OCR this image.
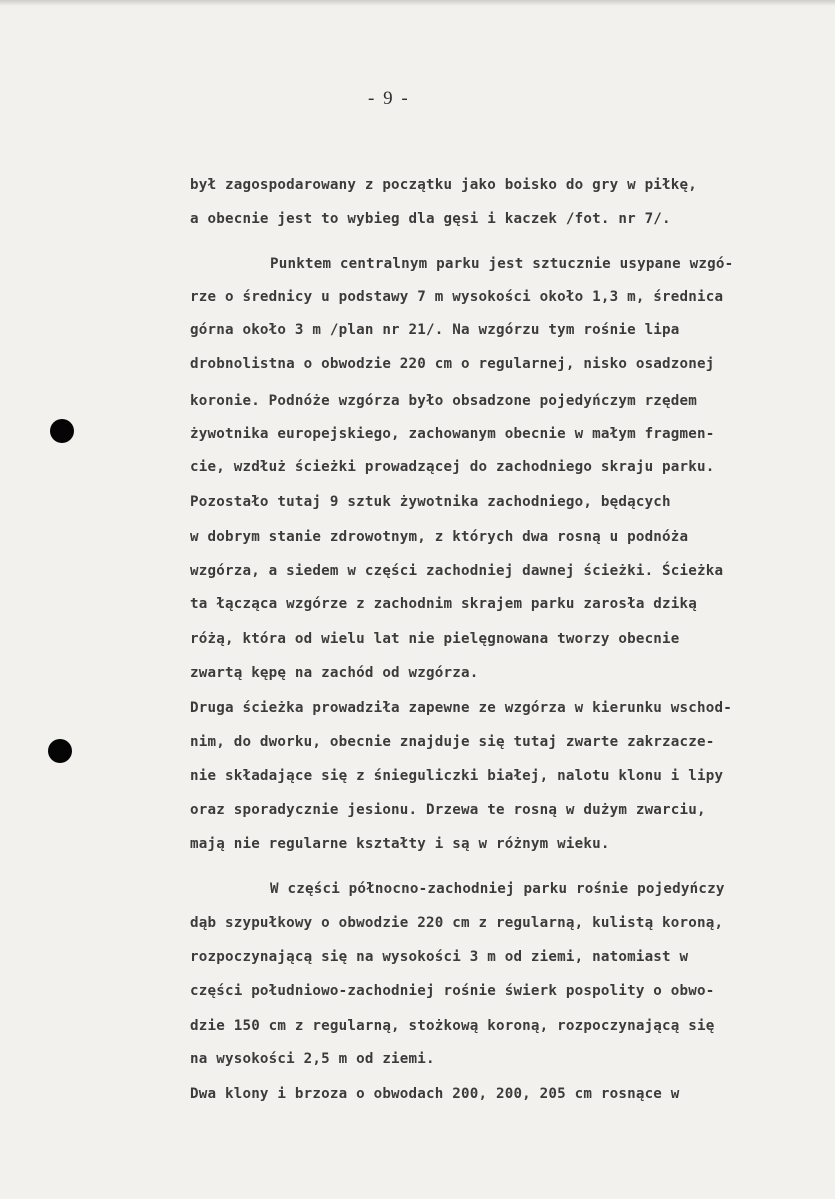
- 9 -
był zagospodarowany z początku jako boisko do gry w piłkę,
a obecnie jest to wybieg dla gęsi i kaczek /fot. nr 7/.
Punktem centralnym parku jest sztucznie usypane wzgó-
rze o średnicy u podstawy 7 m wysokości około 1,3 m, średnica
górna około 3 m /plan nr 21/. Na wzgórzu tym rośnie lipa
drobnolistna o obwodzie 220 cm o regularnej, nisko osadzonej
koronie. Podnóże wzgórza było obsadzone pojedyńczym rzędem
żywotnika europejskiego, zachowanym obecnie w małym fragmen-
cie, wzdłuż ścieżki prowadzącej do zachodniego skraju parku.
Pozostało tutaj 9 sztuk żywotnika zachodniego, będących
w dobrym stanie zdrowotnym, z których dwa rosną u podnóża
wzgórza, a siedem w części zachodniej dawnej ścieżki. Ścieżka
ta łącząca wzgórze z zachodnim skrajem parku zarosła dziką
różą, która od wielu lat nie pielęgnowana tworzy obecnie
zwartą kępę na zachód od wzgórza.
Druga ścieżka prowadziła zapewne ze wzgórza w kierunku wschod-
nim, do dworku, obecnie znajduje się tutaj zwarte zakrzacze-
nie składające się z śnieguliczki białej, nalotu klonu i lipy
oraz sporadycznie jesionu. Drzewa te rosną w dużym zwarciu,
mają nie regularne kształty i są w różnym wieku.
W części północno-zachodniej parku rośnie pojedyńczy
dąb szypułkowy o obwodzie 220 cm z regularną, kulistą koroną,
rozpoczynającą się na wysokości 3 m od ziemi, natomiast w
części południowo-zachodniej rośnie świerk pospolity o obwo-
dzie 150 cm z regularną, stożkową koroną, rozpoczynającą się
na wysokości 2,5 m od ziemi.
Dwa klony i brzoza o obwodach 200, 200, 205 cm rosnące w
